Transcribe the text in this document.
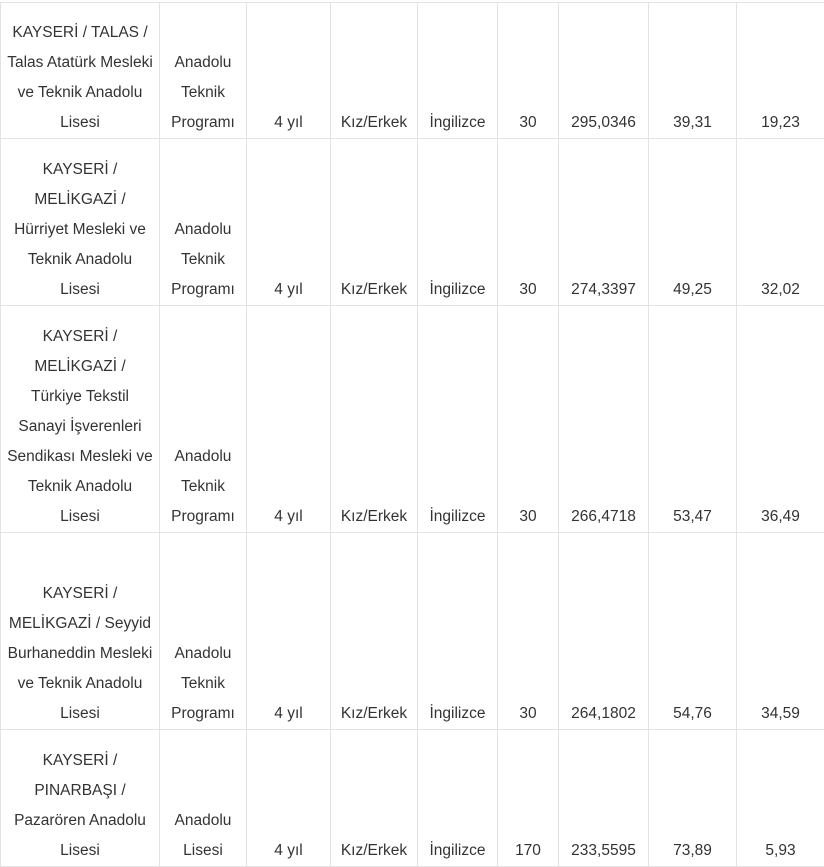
KAYSERİ / TALAS / Talas Atatürk Mesleki ve Teknik Anadolu Lisesi	Anadolu Teknik Programı	4 yıl	Kız/Erkek	İngilizce	30	295,0346	39,31	19,23
KAYSERİ / MELİKGAZİ / Hürriyet Mesleki ve Teknik Anadolu Lisesi	Anadolu Teknik Programı	4 yıl	Kız/Erkek	İngilizce	30	274,3397	49,25	32,02
KAYSERİ / MELİKGAZİ / Türkiye Tekstil Sanayi İşverenleri Sendikası Mesleki ve Teknik Anadolu Lisesi	Anadolu Teknik Programı	4 yıl	Kız/Erkek	İngilizce	30	266,4718	53,47	36,49
KAYSERİ / MELİKGAZİ / Seyyid Burhaneddin Mesleki ve Teknik Anadolu Lisesi	Anadolu Teknik Programı	4 yıl	Kız/Erkek	İngilizce	30	264,1802	54,76	34,59
KAYSERİ / PINARBAŞI / Pazarören Anadolu Lisesi	Anadolu Lisesi	4 yıl	Kız/Erkek	İngilizce	170	233,5595	73,89	5,93
